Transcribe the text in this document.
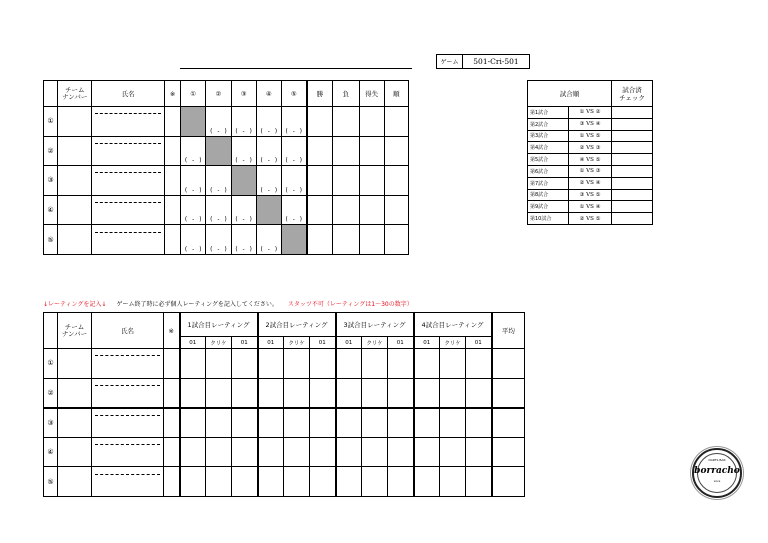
ゲーム	501-Cri-501
	チーム
ナンバー	氏名	※	①	②	③	④	⑤	勝	負	得失	順
①					( - )	( - )	( - )	( - )				

②				( - )		( - )	( - )	( - )				

③				( - )	( - )		( - )	( - )				

④				( - )	( - )	( - )		( - )				

⑤				( - )	( - )	( - )	( - )					

試合順		試合済
チェック
第1試合	① VS ②	
第2試合	③ VS ④	
第3試合	① VS ⑤	
第4試合	② VS ③	
第5試合	④ VS ⑤	
第6試合	① VS ③	
第7試合	② VS ④	
第8試合	③ VS ⑤	
第9試合	① VS ④	
第10試合	② VS ⑤	
↓レーティングを記入↓ ゲーム終了時に必ず個人レーティングを記入してください。 スタッツ不可（レーティングは1～30の数字）
	チーム
ナンバー	氏名	※	1試合目レーティング			2試合目レーティング			3試合目レーティング			4試合目レーティング			平均
				01	クリケ	01	01	クリケ	01	01	クリケ	01	01	クリケ	01	
①		

②		

③		

④		

⑤		

DARTS BAR
borracho
since
